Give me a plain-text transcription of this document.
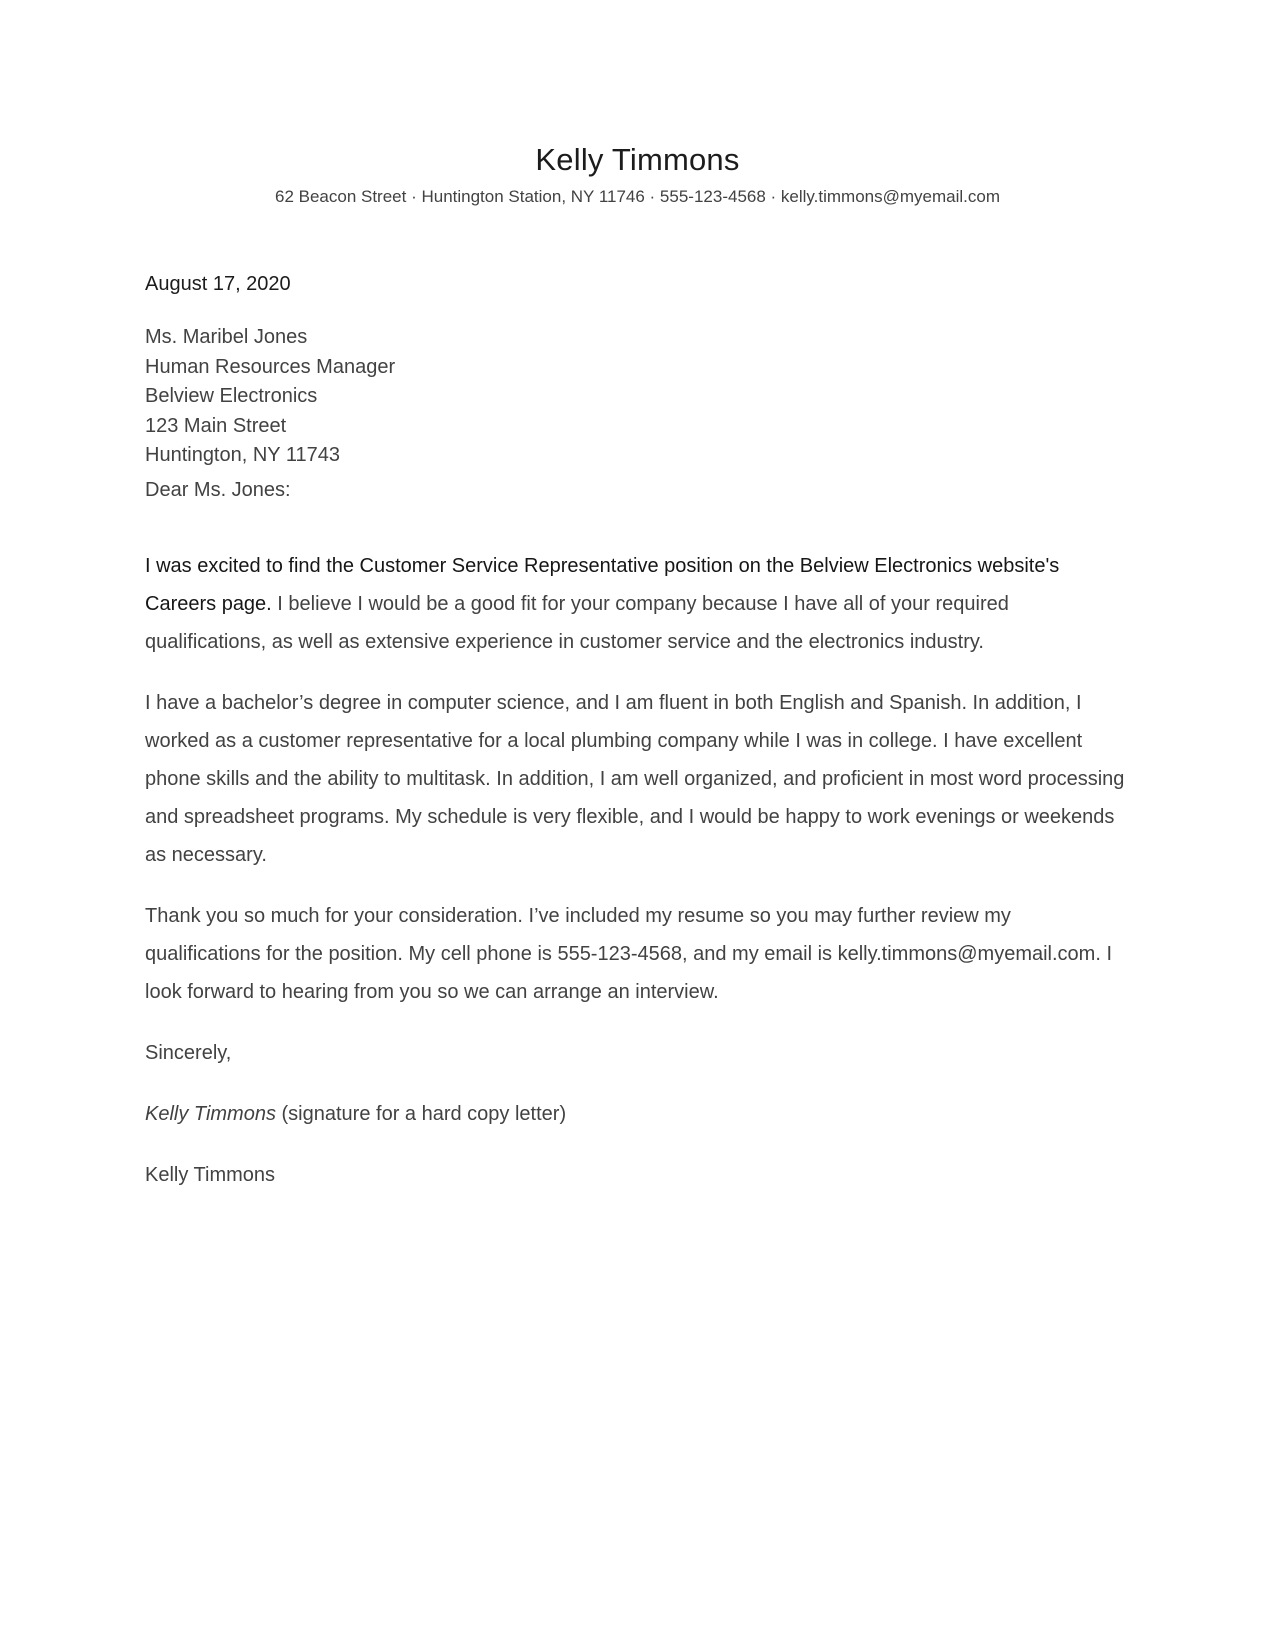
Kelly Timmons
62 Beacon Street · Huntington Station, NY 11746 · 555-123-4568 · kelly.timmons@myemail.com
August 17, 2020
Ms. Maribel Jones
Human Resources Manager
Belview Electronics
123 Main Street
Huntington, NY 11743
Dear Ms. Jones:

I was excited to find the Customer Service Representative position on the Belview Electronics website's Careers page. I believe I would be a good fit for your company because I have all of your required qualifications, as well as extensive experience in customer service and the electronics industry.

I have a bachelor’s degree in computer science, and I am fluent in both English and Spanish. In addition, I worked as a customer representative for a local plumbing company while I was in college. I have excellent phone skills and the ability to multitask. In addition, I am well organized, and proficient in most word processing and spreadsheet programs. My schedule is very flexible, and I would be happy to work evenings or weekends as necessary.

Thank you so much for your consideration. I’ve included my resume so you may further review my qualifications for the position. My cell phone is 555-123-4568, and my email is kelly.timmons@myemail.com. I look forward to hearing from you so we can arrange an interview.

Sincerely,
Kelly Timmons (signature for a hard copy letter)
Kelly Timmons
